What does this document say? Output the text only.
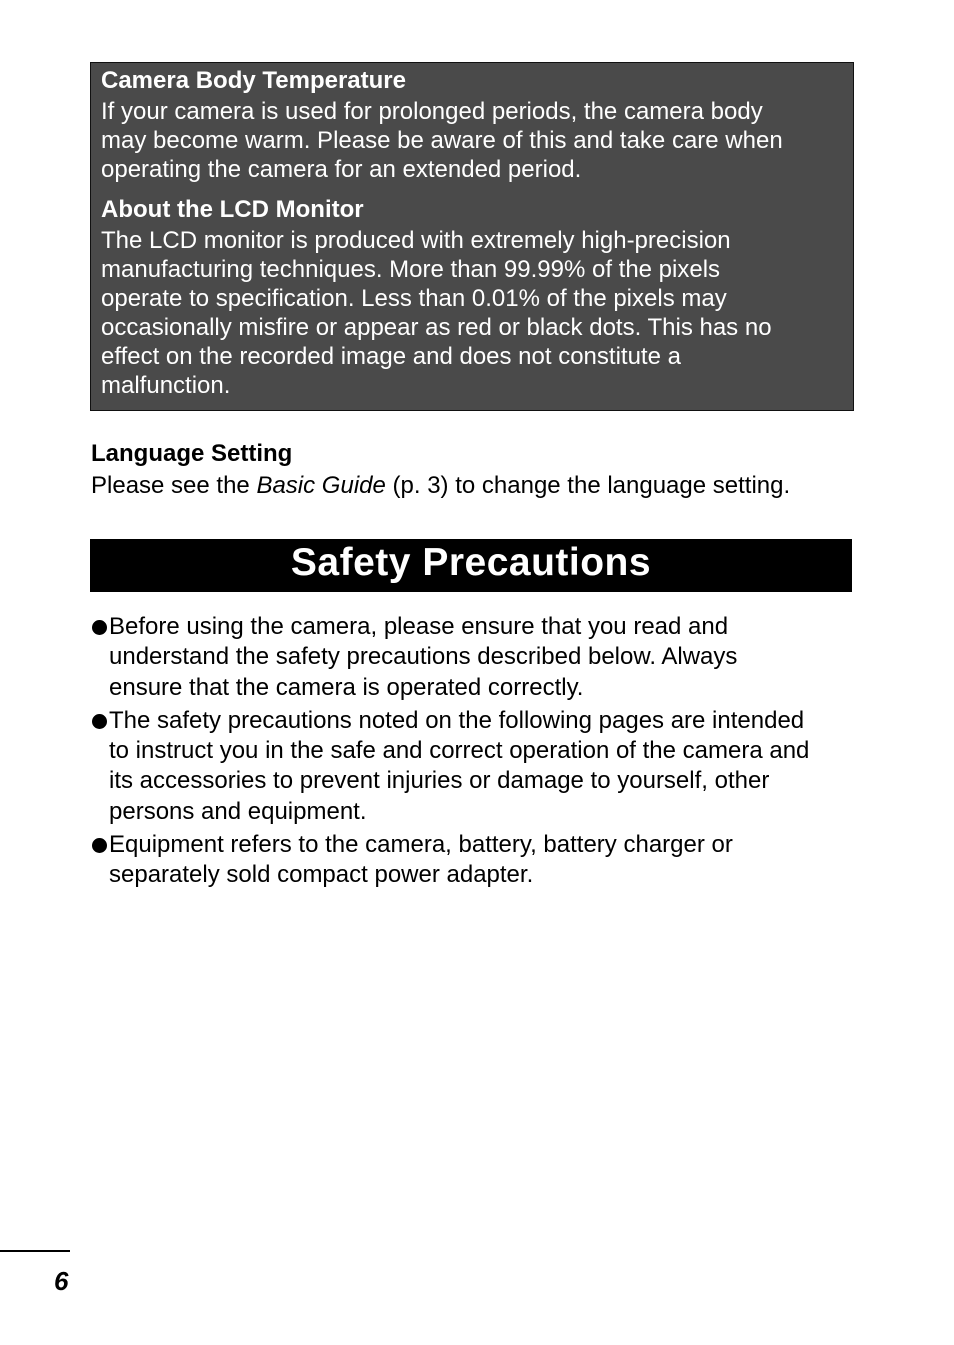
Camera Body Temperature

If your camera is used for prolonged periods, the camera body
may become warm. Please be aware of this and take care when
operating the camera for an extended period.

About the LCD Monitor

The LCD monitor is produced with extremely high-precision
manufacturing techniques. More than 99.99% of the pixels
operate to specification. Less than 0.01% of the pixels may
occasionally misfire or appear as red or black dots. This has no
effect on the recorded image and does not constitute a
malfunction.

Language Setting

Please see the Basic Guide (p. 3) to change the language setting.

Safety Precautions
Before using the camera, please ensure that you read and
understand the safety precautions described below. Always
ensure that the camera is operated correctly.
The safety precautions noted on the following pages are intended
to instruct you in the safe and correct operation of the camera and
its accessories to prevent injuries or damage to yourself, other
persons and equipment.
Equipment refers to the camera, battery, battery charger or
separately sold compact power adapter.
6
